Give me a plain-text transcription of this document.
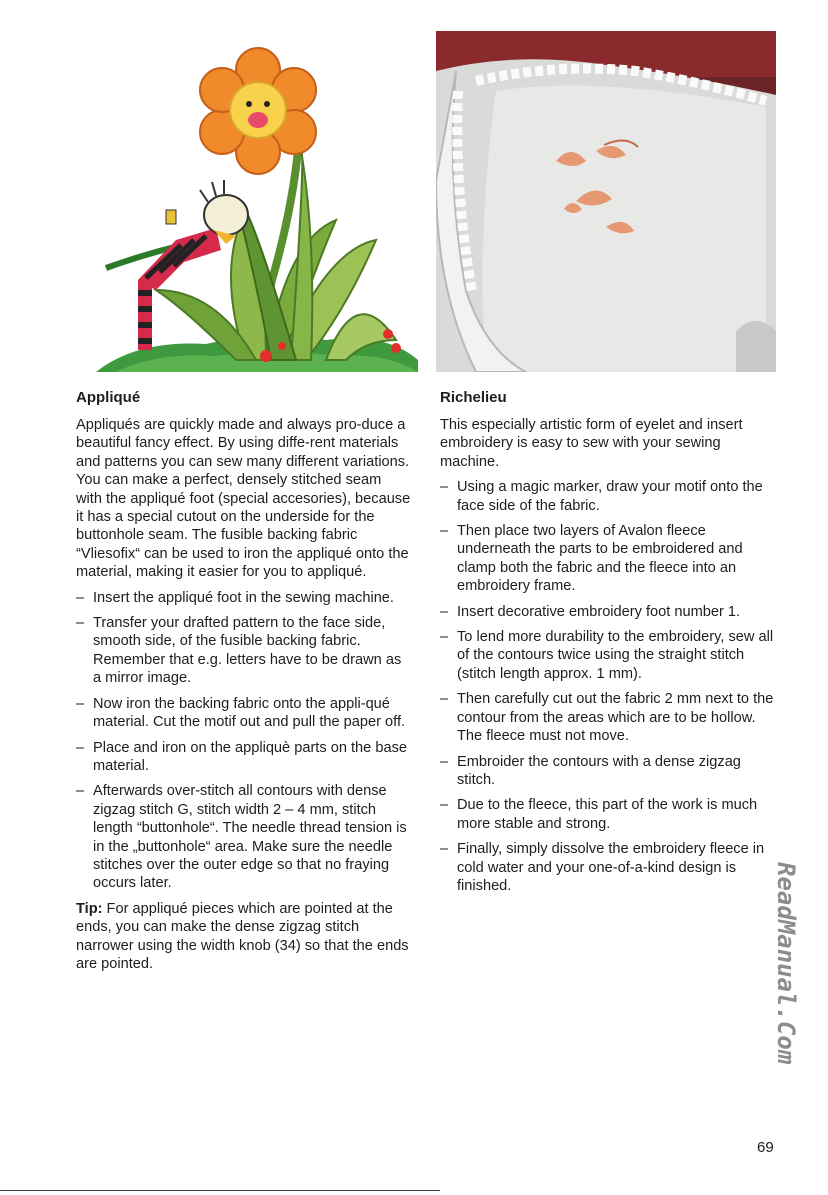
Appliqué

Appliqués are quickly made and always pro-duce a beautiful fancy effect. By using diffe-rent materials and patterns you can sew many different variations. You can make a perfect, densely stitched seam with the appliqué foot (special accesories), because it has a special cutout on the underside for the buttonhole seam. The fusible backing fabric “Vliesofix“ can be used to iron the appliqué onto the material, making it easier for you to appliqué.

– Insert the appliqué foot in the sewing machine.
– Transfer your drafted pattern to the face side, smooth side, of the fusible backing fabric. Remember that e.g. letters have to be drawn as a mirror image.
– Now iron the backing fabric onto the appli-qué material. Cut the motif out and pull the paper off.
– Place and iron on the appliquè parts on the base material.
– Afterwards over-stitch all contours with dense zigzag stitch G, stitch width 2 – 4 mm, stitch length “buttonhole“. The needle thread tension is in the „buttonhole“ area. Make sure the needle stitches over the outer edge so that no fraying occurs later.

Tip: For appliqué pieces which are pointed at the ends, you can make the dense zigzag stitch narrower using the width knob (34) so that the ends are pointed.

Richelieu

This especially artistic form of eyelet and insert embroidery is easy to sew with your sewing machine.

– Using a magic marker, draw your motif onto the face side of the fabric.
– Then place two layers of Avalon fleece underneath the parts to be embroidered and clamp both the fabric and the fleece into an embroidery frame.
– Insert decorative embroidery foot number 1.
– To lend more durability to the embroidery, sew all of the contours twice using the straight stitch (stitch length approx. 1 mm).
– Then carefully cut out the fabric 2 mm next to the contour from the areas which are to be hollow. The fleece must not move.
– Embroider the contours with a dense zigzag stitch.
– Due to the fleece, this part of the work is much more stable and strong.
– Finally, simply dissolve the embroidery fleece in cold water and your one-of-a-kind design is finished.	ReadManual.Com
69
